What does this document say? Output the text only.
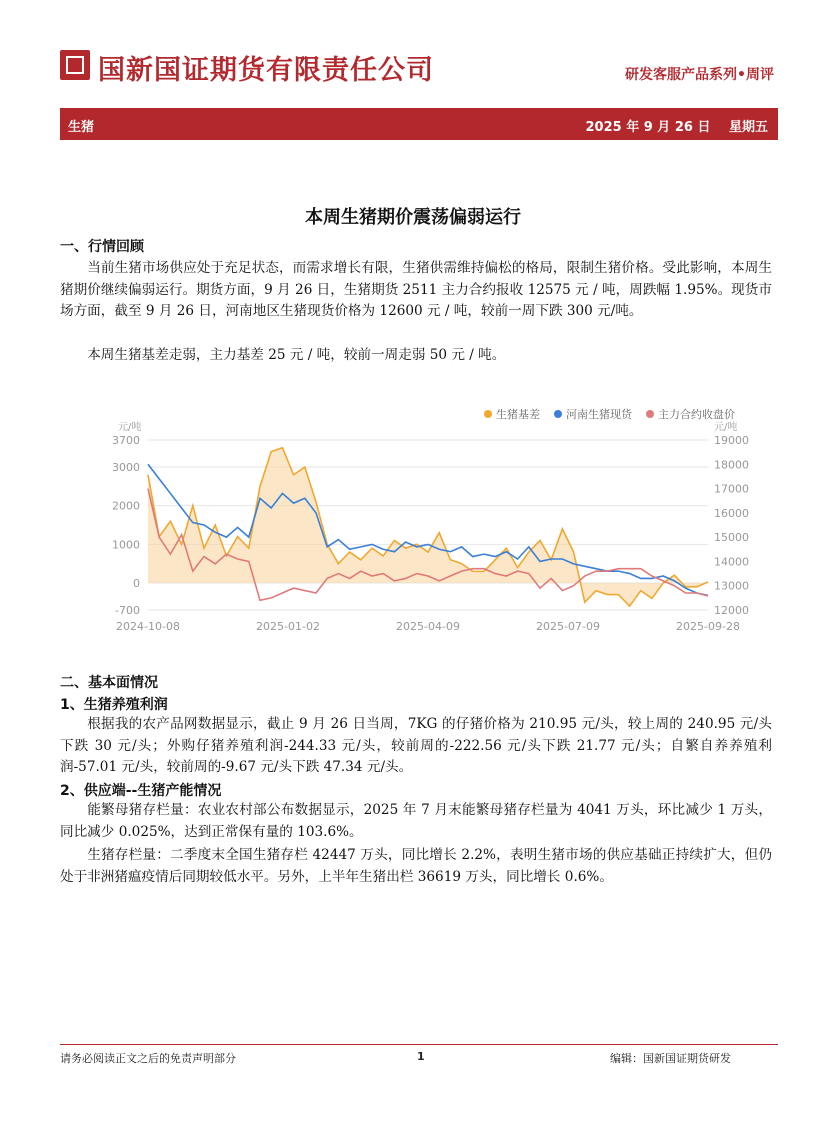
国新国证期货有限责任公司	研发客服产品系列•周评
生猪	2025 年 9 月 26 日 星期五
本周生猪期价震荡偏弱运行
一、行情回顾
当前生猪市场供应处于充足状态，而需求增长有限，生猪供需维持偏松的格局，限制生猪价格。受此影响，本周生猪期价继续偏弱运行。期货方面，9 月 26 日，生猪期货 2511 主力合约报收 12575 元 / 吨，周跌幅 1.95%。现货市场方面，截至 9 月 26 日，河南地区生猪现货价格为 12600 元 / 吨，较前一周下跌 300 元/吨。
本周生猪基差走弱，主力基差 25 元 / 吨，较前一周走弱 50 元 / 吨。
3700
3000
2000
1000
0
-700
19000
18000
17000
16000
15000
14000
13000
12000
元/吨	元/吨
2024-10-08	2025-01-02	2025-04-09	2025-07-09	2025-09-28
生猪基差 河南生猪现货 主力合约收盘价
二、基本面情况
1、生猪养殖利润
根据我的农产品网数据显示，截止 9 月 26 日当周，7KG 的仔猪价格为 210.95 元/头，较上周的 240.95 元/头下跌 30 元/头；外购仔猪养殖利润-244.33 元/头，较前周的-222.56 元/头下跌 21.77 元/头；自繁自养养殖利润-57.01 元/头，较前周的-9.67 元/头下跌 47.34 元/头。
2、供应端--生猪产能情况
能繁母猪存栏量：农业农村部公布数据显示，2025 年 7 月末能繁母猪存栏量为 4041 万头，环比减少 1 万头，同比减少 0.025%，达到正常保有量的 103.6%。
生猪存栏量：二季度末全国生猪存栏 42447 万头，同比增长 2.2%，表明生猪市场的供应基础正持续扩大，但仍处于非洲猪瘟疫情后同期较低水平。另外，上半年生猪出栏 36619 万头，同比增长 0.6%。
请务必阅读正文之后的免责声明部分	1	编辑：国新国证期货研发
